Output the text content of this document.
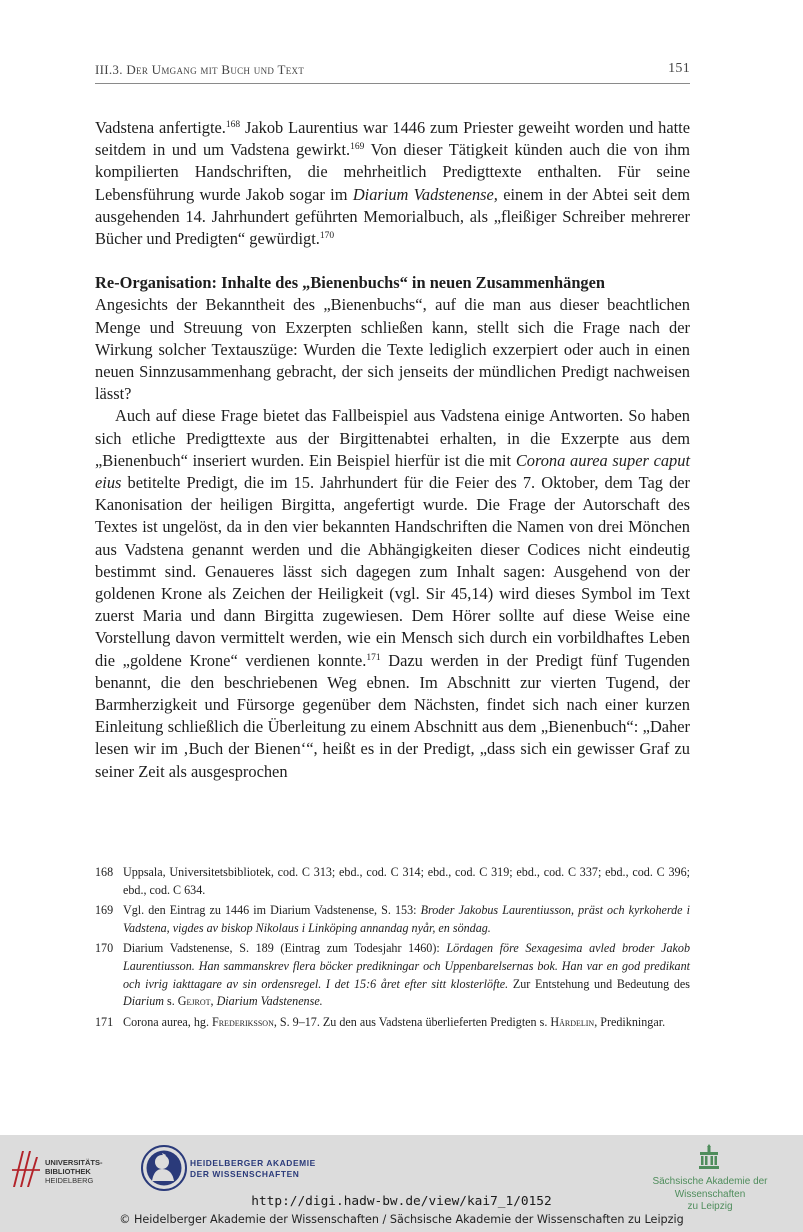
III.3. Der Umgang mit Buch und Text	151

Vadstena anfertigte.$^{168}$ Jakob Laurentius war 1446 zum Priester geweiht worden und hatte seitdem in und um Vadstena gewirkt.$^{169}$ Von dieser Tätigkeit künden auch die von ihm kompilierten Handschriften, die mehrheitlich Predigttexte enthalten. Für seine Lebensführung wurde Jakob sogar im Diarium Vadstenense, einem in der Abtei seit dem ausgehenden 14. Jahrhundert geführten Memorialbuch, als „fleißiger Schreiber mehrerer Bücher und Predigten“ gewürdigt.$^{170}$

Re-Organisation: Inhalte des „Bienenbuchs“ in neuen Zusammenhängen

Angesichts der Bekanntheit des „Bienenbuchs“, auf die man aus dieser beachtlichen Menge und Streuung von Exzerpten schließen kann, stellt sich die Frage nach der Wirkung solcher Textauszüge: Wurden die Texte lediglich exzerpiert oder auch in einen neuen Sinnzusammenhang gebracht, der sich jenseits der mündlichen Predigt nachweisen lässt?

Auch auf diese Frage bietet das Fallbeispiel aus Vadstena einige Antworten. So haben sich etliche Predigttexte aus der Birgittenabtei erhalten, in die Exzerpte aus dem „Bienenbuch“ inseriert wurden. Ein Beispiel hierfür ist die mit Corona aurea super caput eius betitelte Predigt, die im 15. Jahrhundert für die Feier des 7. Oktober, dem Tag der Kanonisation der heiligen Birgitta, angefertigt wurde. Die Frage der Autorschaft des Textes ist ungelöst, da in den vier bekannten Handschriften die Namen von drei Mönchen aus Vadstena genannt werden und die Abhängigkeiten dieser Codices nicht eindeutig bestimmt sind. Genaueres lässt sich dagegen zum Inhalt sagen: Ausgehend von der goldenen Krone als Zeichen der Heiligkeit (vgl. Sir 45,14) wird dieses Symbol im Text zuerst Maria und dann Birgitta zugewiesen. Dem Hörer sollte auf diese Weise eine Vorstellung davon vermittelt werden, wie ein Mensch sich durch ein vorbildhaftes Leben die „goldene Krone“ verdienen konnte.$^{171}$ Dazu werden in der Predigt fünf Tugenden benannt, die den beschriebenen Weg ebnen. Im Abschnitt zur vierten Tugend, der Barmherzigkeit und Fürsorge gegenüber dem Nächsten, findet sich nach einer kurzen Einleitung schließlich die Überleitung zu einem Abschnitt aus dem „Bienenbuch“: „Daher lesen wir im ‚Buch der Bienen‘“, heißt es in der Predigt, „dass sich ein gewisser Graf zu seiner Zeit als ausgesprochen

168 Uppsala, Universitetsbibliotek, cod. C 313; ebd., cod. C 314; ebd., cod. C 319; ebd., cod. C 337; ebd., cod. C 396; ebd., cod. C 634.
169 Vgl. den Eintrag zu 1446 im Diarium Vadstenense, S. 153: Broder Jakobus Laurentiusson, präst och kyrkoherde i Vadstena, vigdes av biskop Nikolaus i Linköping annandag nyår, en söndag.
170 Diarium Vadstenense, S. 189 (Eintrag zum Todesjahr 1460): Lördagen före Sexagesima avled broder Jakob Laurentiusson. Han sammanskrev flera böcker predikningar och Uppenbarelsernas bok. Han var en god predikant och ivrig iakttagare av sin ordensregel. I det 15:6 året efter sitt klosterlöfte. Zur Entstehung und Bedeutung des Diarium s. Gejrot, Diarium Vadstenense.
171 Corona aurea, hg. Frederiksson, S. 9–17. Zu den aus Vadstena überlieferten Predigten s. Härdelin, Predikningar.
UNIVERSITÄTS-
BIBLIOTHEK
HEIDELBERG
HEIDELBERGER AKADEMIE
DER WISSENSCHAFTEN
Sächsische Akademie der Wissenschaften
zu Leipzig
http://digi.hadw-bw.de/view/kai7_1/0152
© Heidelberger Akademie der Wissenschaften / Sächsische Akademie der Wissenschaften zu Leipzig
